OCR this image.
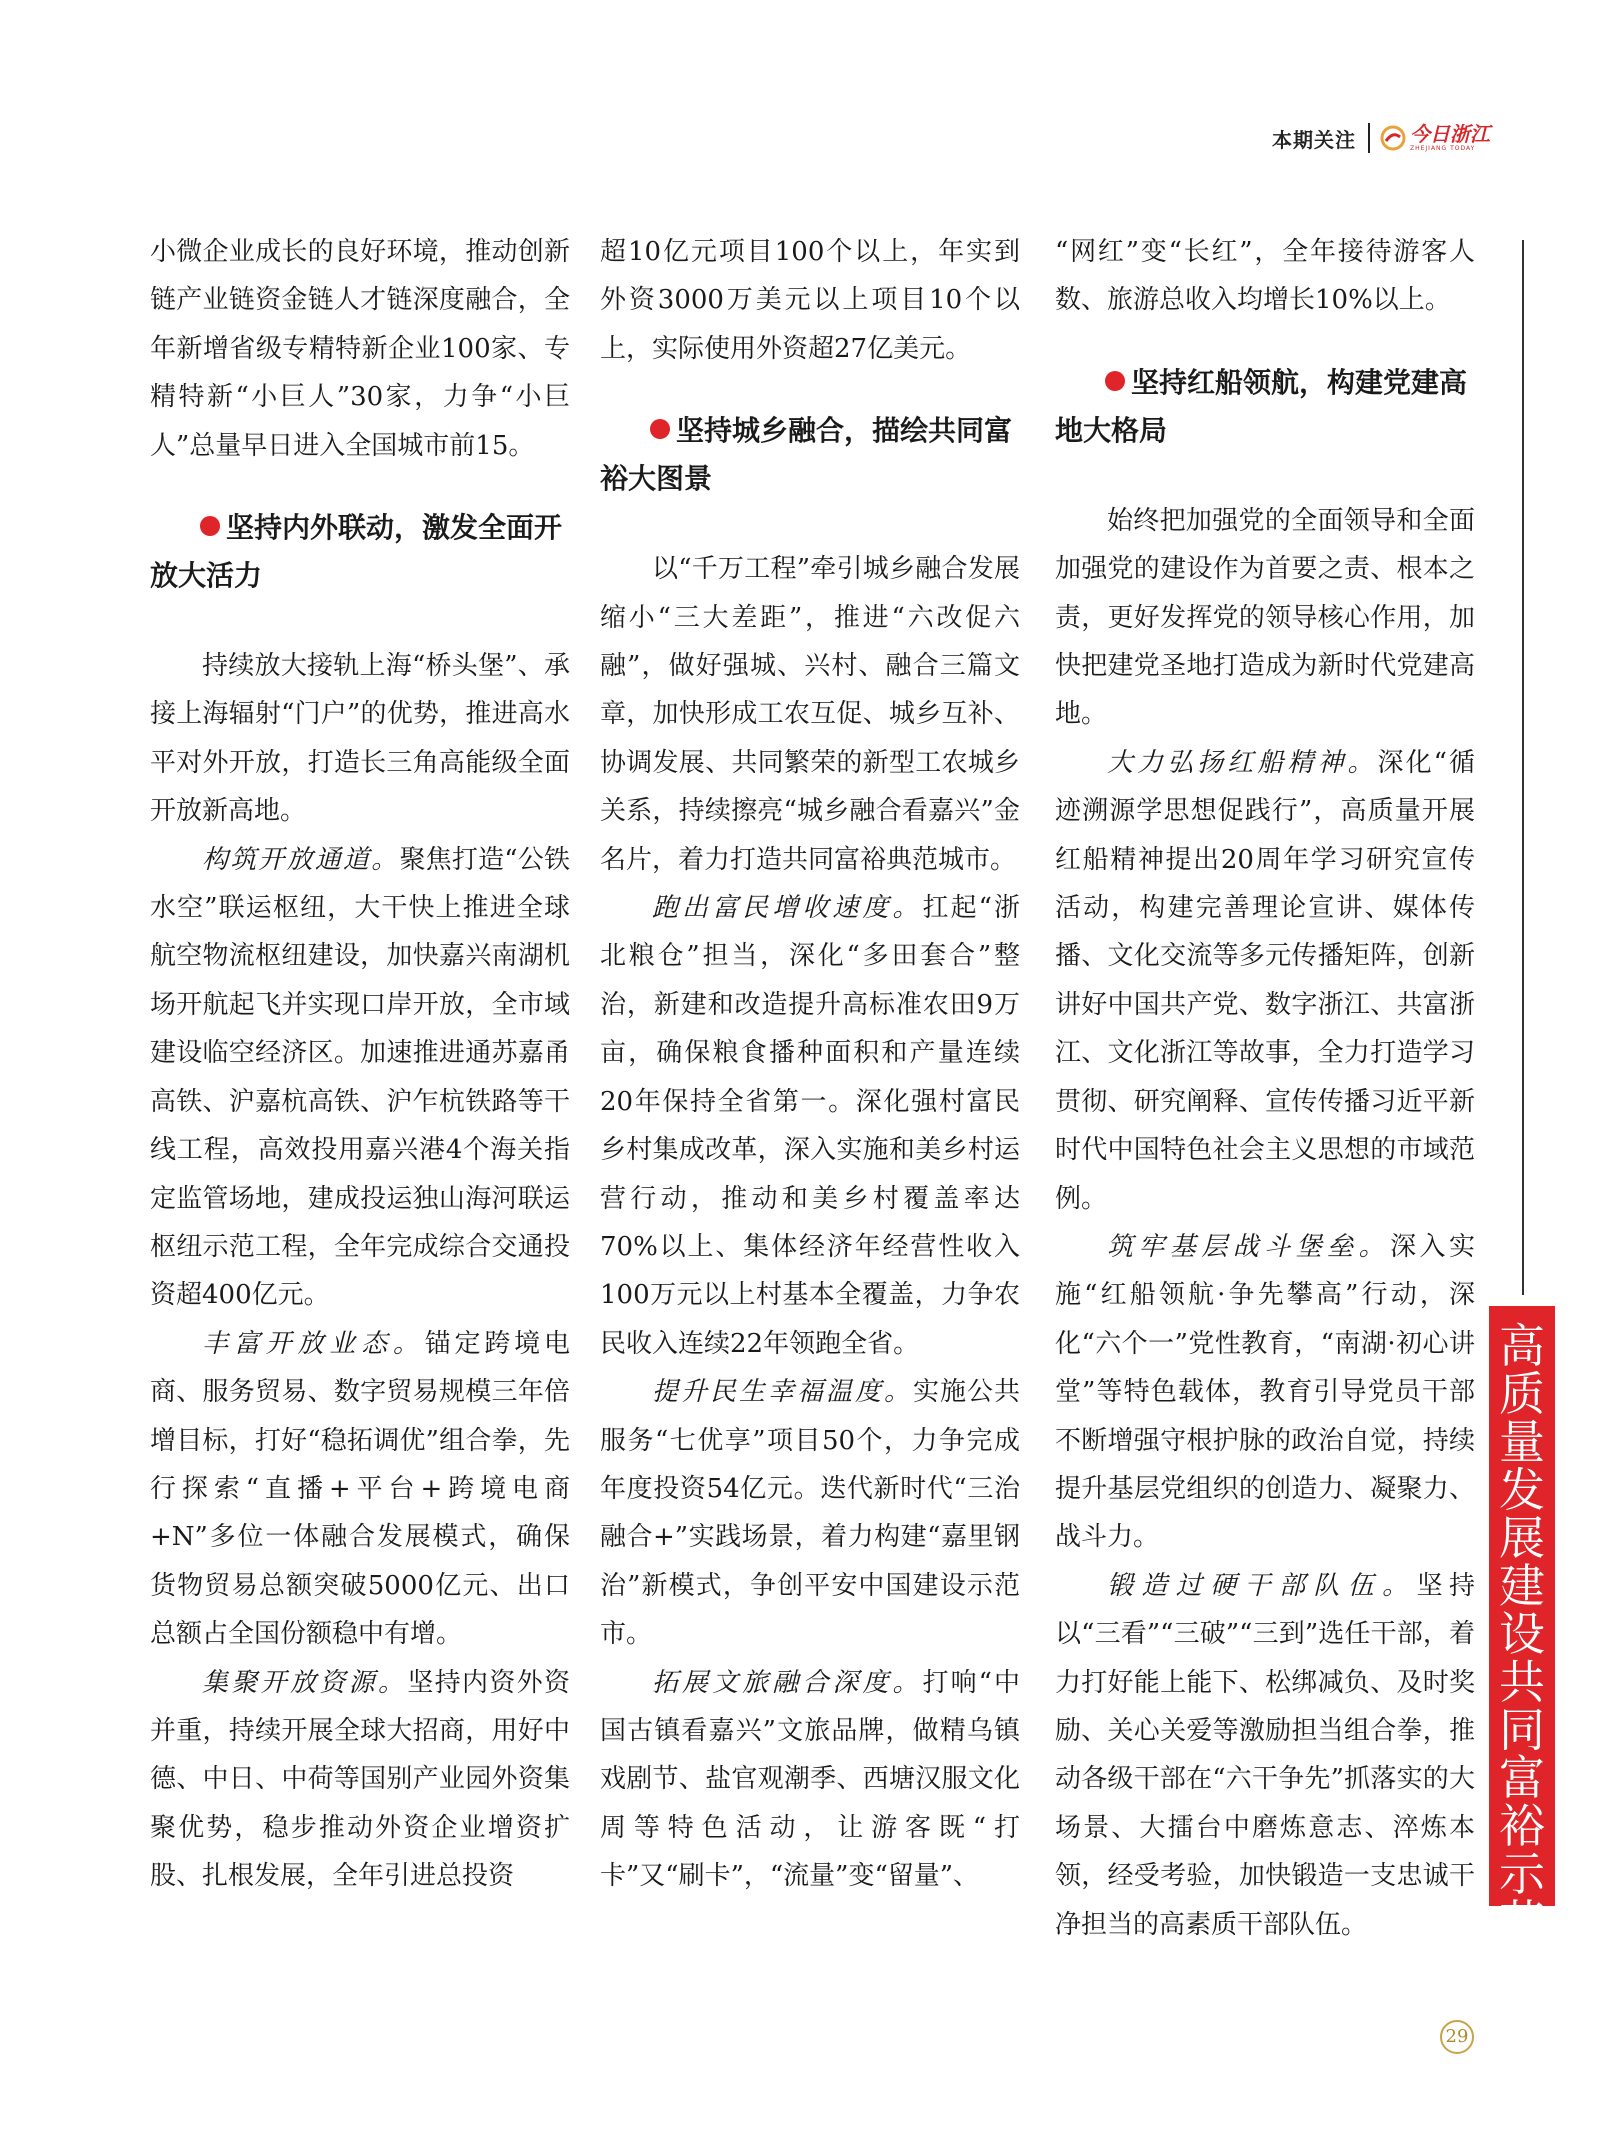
本期关注	今日浙江
ZHEJIANG TODAY

小微企业成长的良好环境，推动创新链产业链资金链人才链深度融合，全年新增省级专精特新企业100家、专精特新“小巨人”30家，力争“小巨人”总量早日进入全国城市前15。

坚持内外联动，激发全面开放大活力

持续放大接轨上海“桥头堡”、承接上海辐射“门户”的优势，推进高水平对外开放，打造长三角高能级全面开放新高地。

构筑开放通道。聚焦打造“公铁水空”联运枢纽，大干快上推进全球航空物流枢纽建设，加快嘉兴南湖机场开航起飞并实现口岸开放，全市域建设临空经济区。加速推进通苏嘉甬高铁、沪嘉杭高铁、沪乍杭铁路等干线工程，高效投用嘉兴港4个海关指定监管场地，建成投运独山海河联运枢纽示范工程，全年完成综合交通投资超400亿元。

丰富开放业态。锚定跨境电商、服务贸易、数字贸易规模三年倍增目标，打好“稳拓调优”组合拳，先行探索“直播+平台+跨境电商+N”多位一体融合发展模式，确保货物贸易总额突破5000亿元、出口总额占全国份额稳中有增。

集聚开放资源。坚持内资外资并重，持续开展全球大招商，用好中德、中日、中荷等国别产业园外资集聚优势，稳步推动外资企业增资扩股、扎根发展，全年引进总投资

超10亿元项目100个以上，年实到外资3000万美元以上项目10个以上，实际使用外资超27亿美元。

坚持城乡融合，描绘共同富裕大图景

以“千万工程”牵引城乡融合发展缩小“三大差距”，推进“六改促六融”，做好强城、兴村、融合三篇文章，加快形成工农互促、城乡互补、协调发展、共同繁荣的新型工农城乡关系，持续擦亮“城乡融合看嘉兴”金名片，着力打造共同富裕典范城市。

跑出富民增收速度。扛起“浙北粮仓”担当，深化“多田套合”整治，新建和改造提升高标准农田9万亩，确保粮食播种面积和产量连续20年保持全省第一。深化强村富民乡村集成改革，深入实施和美乡村运营行动，推动和美乡村覆盖率达70%以上、集体经济年经营性收入100万元以上村基本全覆盖，力争农民收入连续22年领跑全省。

提升民生幸福温度。实施公共服务“七优享”项目50个，力争完成年度投资54亿元。迭代新时代“三治融合+”实践场景，着力构建“嘉里钢治”新模式，争创平安中国建设示范市。

拓展文旅融合深度。打响“中国古镇看嘉兴”文旅品牌，做精乌镇戏剧节、盐官观潮季、西塘汉服文化周等特色活动，让游客既“打卡”又“刷卡”，“流量”变“留量”、

“网红”变“长红”，全年接待游客人数、旅游总收入均增长10%以上。

坚持红船领航，构建党建高地大格局

始终把加强党的全面领导和全面加强党的建设作为首要之责、根本之责，更好发挥党的领导核心作用，加快把建党圣地打造成为新时代党建高地。

大力弘扬红船精神。深化“循迹溯源学思想促践行”，高质量开展红船精神提出20周年学习研究宣传活动，构建完善理论宣讲、媒体传播、文化交流等多元传播矩阵，创新讲好中国共产党、数字浙江、共富浙江、文化浙江等故事，全力打造学习贯彻、研究阐释、宣传传播习近平新时代中国特色社会主义思想的市域范例。

筑牢基层战斗堡垒。深入实施“红船领航·争先攀高”行动，深化“六个一”党性教育，“南湖·初心讲堂”等特色载体，教育引导党员干部不断增强守根护脉的政治自觉，持续提升基层党组织的创造力、凝聚力、战斗力。

锻造过硬干部队伍。坚持以“三看”“三破”“三到”选任干部，着力打好能上能下、松绑减负、及时奖励、关心关爱等激励担当组合拳，推动各级干部在“六干争先”抓落实的大场景、大擂台中磨炼意志、淬炼本领，经受考验，加快锻造一支忠诚干净担当的高素质干部队伍。

高
质
量
发
展
建
设
共
同
富
裕
示
范
区
29
